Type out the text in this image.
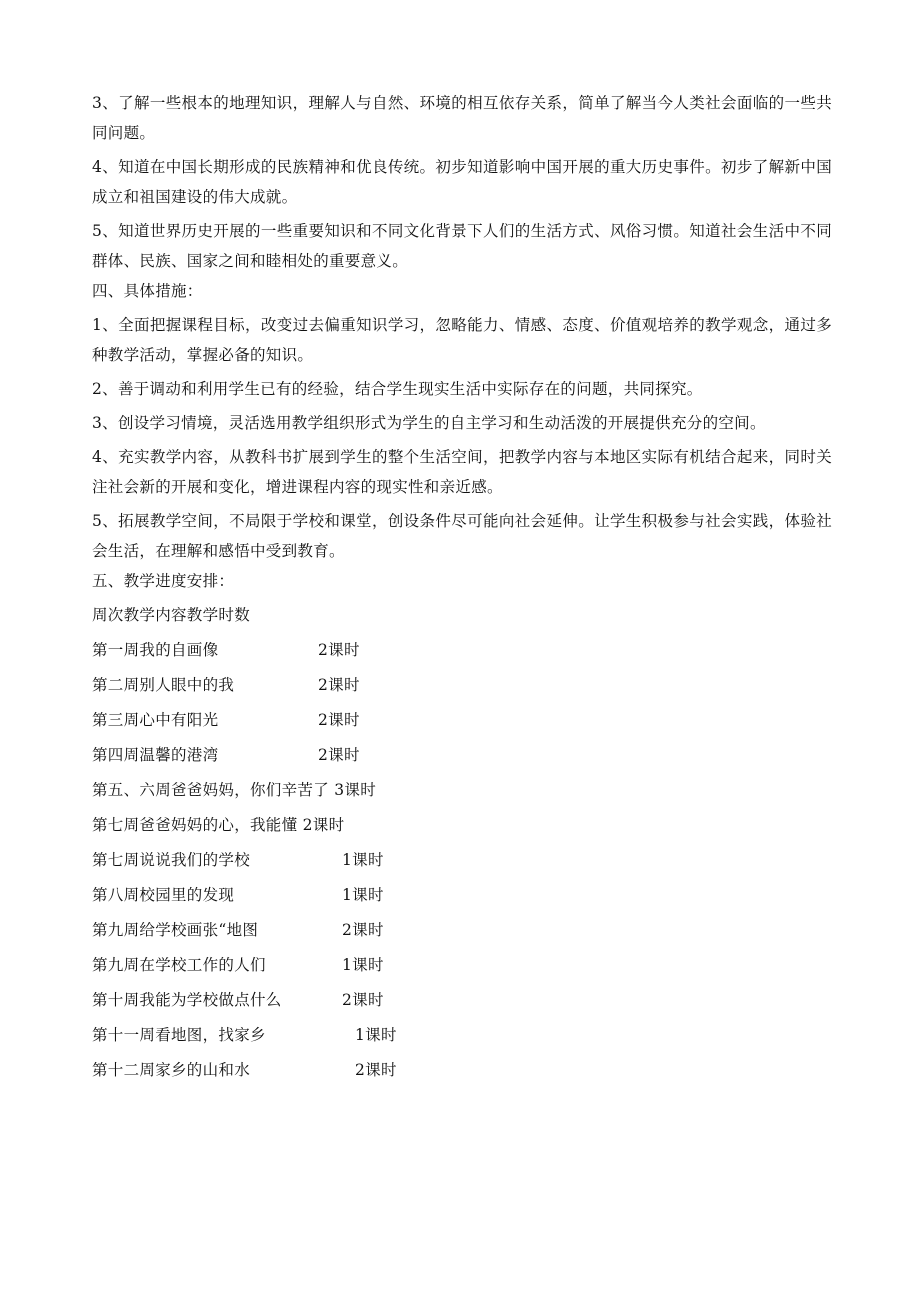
3、了解一些根本的地理知识，理解人与自然、环境的相互依存关系，简单了解当今人类社会面临的一些共同问题。

4、知道在中国长期形成的民族精神和优良传统。初步知道影响中国开展的重大历史事件。初步了解新中国成立和祖国建设的伟大成就。

5、知道世界历史开展的一些重要知识和不同文化背景下人们的生活方式、风俗习惯。知道社会生活中不同群体、民族、国家之间和睦相处的重要意义。

四、具体措施：

1、全面把握课程目标，改变过去偏重知识学习，忽略能力、情感、态度、价值观培养的教学观念，通过多种教学活动，掌握必备的知识。

2、善于调动和利用学生已有的经验，结合学生现实生活中实际存在的问题，共同探究。

3、创设学习情境，灵活选用教学组织形式为学生的自主学习和生动活泼的开展提供充分的空间。

4、充实教学内容，从教科书扩展到学生的整个生活空间，把教学内容与本地区实际有机结合起来，同时关注社会新的开展和变化，增进课程内容的现实性和亲近感。

5、拓展教学空间，不局限于学校和课堂，创设条件尽可能向社会延伸。让学生积极参与社会实践，体验社会生活，在理解和感悟中受到教育。

五、教学进度安排：
周次教学内容教学时数
第一周我的自画像	2课时
第二周别人眼中的我	2课时
第三周心中有阳光	2课时
第四周温馨的港湾	2课时
第五、六周爸爸妈妈，你们辛苦了 3课时
第七周爸爸妈妈的心，我能懂 2课时
第七周说说我们的学校	1课时
第八周校园里的发现	1课时
第九周给学校画张“地图	2课时
第九周在学校工作的人们	1课时
第十周我能为学校做点什么	2课时
第十一周看地图，找家乡	1课时
第十二周家乡的山和水	2课时
